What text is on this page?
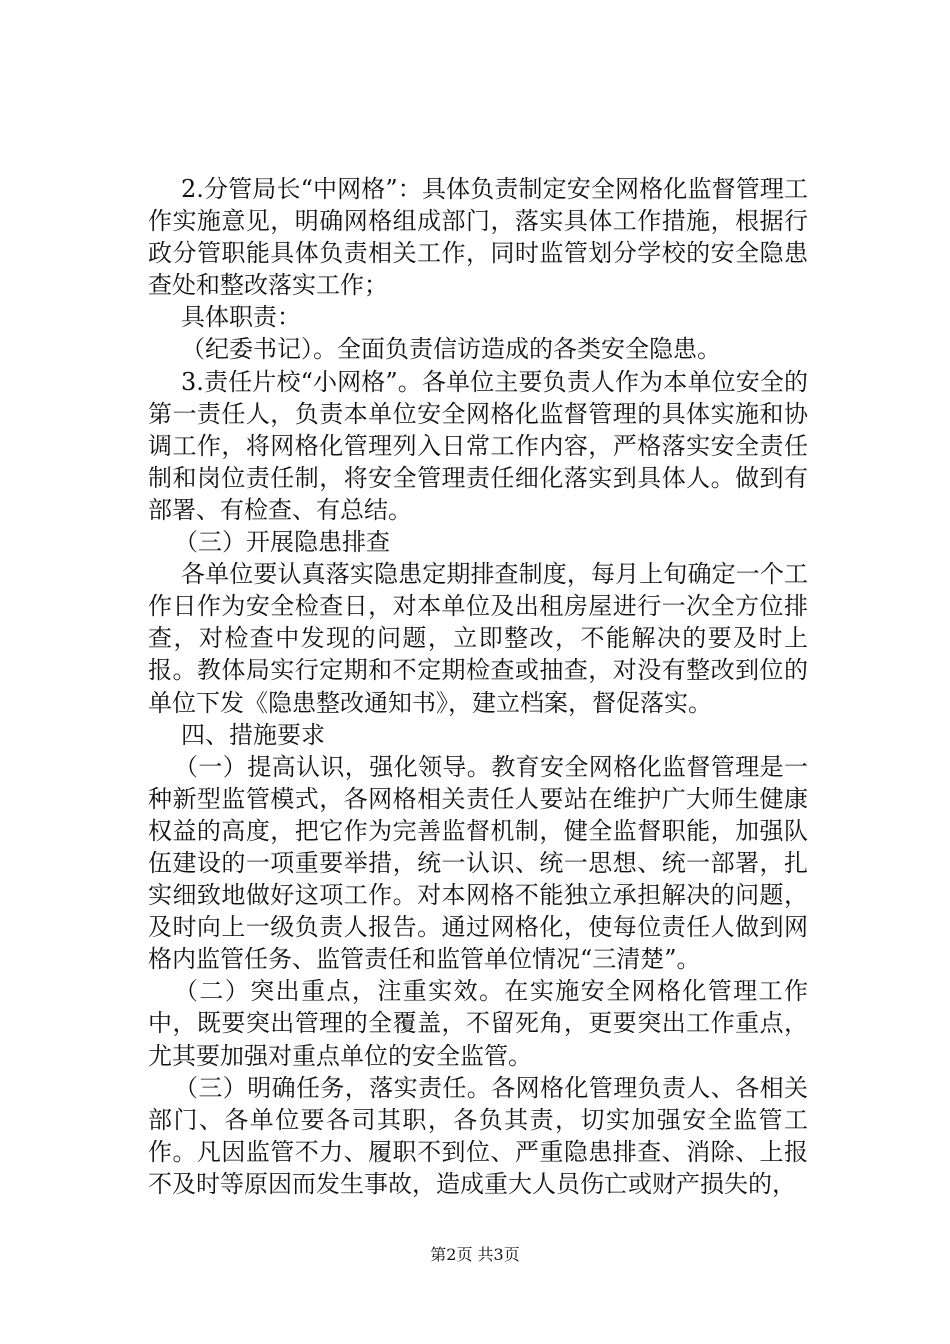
2.分管局长“中网格”：具体负责制定安全网格化监督管理工作实施意见，明确网格组成部门，落实具体工作措施，根据行政分管职能具体负责相关工作，同时监管划分学校的安全隐患查处和整改落实工作；

具体职责：

（纪委书记）。全面负责信访造成的各类安全隐患。

3.责任片校“小网格”。各单位主要负责人作为本单位安全的第一责任人，负责本单位安全网格化监督管理的具体实施和协调工作，将网格化管理列入日常工作内容，严格落实安全责任制和岗位责任制，将安全管理责任细化落实到具体人。做到有部署、有检查、有总结。

（三）开展隐患排查

各单位要认真落实隐患定期排查制度，每月上旬确定一个工作日作为安全检查日，对本单位及出租房屋进行一次全方位排查，对检查中发现的问题，立即整改，不能解决的要及时上报。教体局实行定期和不定期检查或抽查，对没有整改到位的单位下发《隐患整改通知书》，建立档案，督促落实。

四、措施要求

（一）提高认识，强化领导。教育安全网格化监督管理是一种新型监管模式，各网格相关责任人要站在维护广大师生健康权益的高度，把它作为完善监督机制，健全监督职能，加强队伍建设的一项重要举措，统一认识、统一思想、统一部署，扎实细致地做好这项工作。对本网格不能独立承担解决的问题，及时向上一级负责人报告。通过网格化，使每位责任人做到网格内监管任务、监管责任和监管单位情况“三清楚”。

（二）突出重点，注重实效。在实施安全网格化管理工作中，既要突出管理的全覆盖，不留死角，更要突出工作重点，尤其要加强对重点单位的安全监管。

（三）明确任务，落实责任。各网格化管理负责人、各相关部门、各单位要各司其职，各负其责，切实加强安全监管工作。凡因监管不力、履职不到位、严重隐患排查、消除、上报不及时等原因而发生事故，造成重大人员伤亡或财产损失的，

第2页 共3页
